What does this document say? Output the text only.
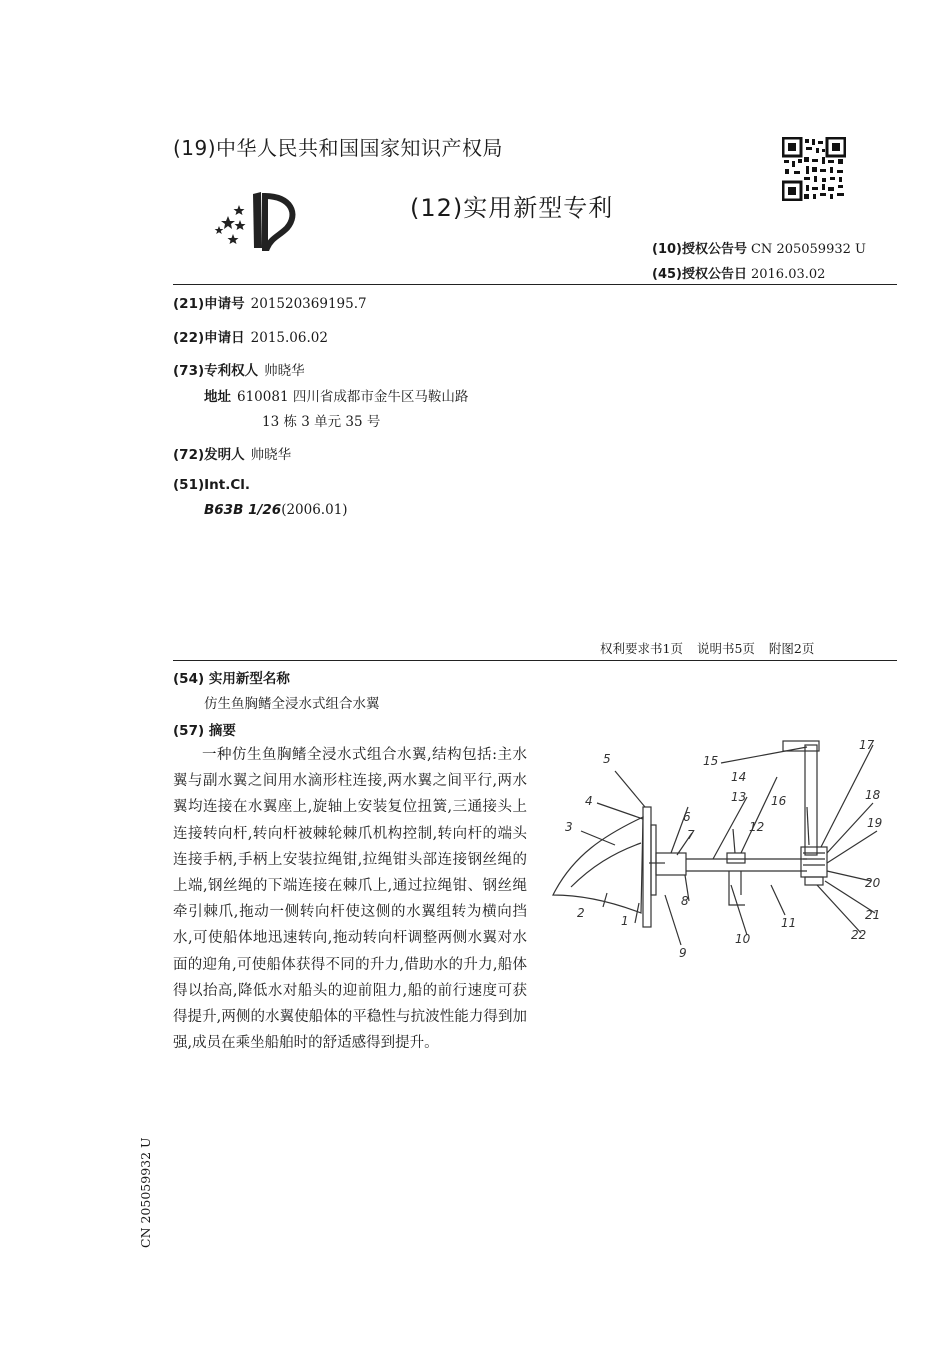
(19)中华人民共和国国家知识产权局
(12)实用新型专利
(10)授权公告号 CN 205059932 U
(45)授权公告日 2016.03.02
(21)申请号 201520369195.7
(22)申请日 2015.06.02
(73)专利权人 帅晓华
地址 610081 四川省成都市金牛区马鞍山路
13 栋 3 单元 35 号
(72)发明人 帅晓华
(51)Int.Cl.
B63B 1/26(2006.01)
权利要求书1页 说明书5页 附图2页
(54) 实用新型名称
仿生鱼胸鳍全浸水式组合水翼
(57) 摘要
一种仿生鱼胸鳍全浸水式组合水翼,结构包括:主水翼与副水翼之间用水滴形柱连接,两水翼之间平行,两水翼均连接在水翼座上,旋轴上安装复位扭簧,三通接头上连接转向杆,转向杆被棘轮棘爪机构控制,转向杆的端头连接手柄,手柄上安装拉绳钳,拉绳钳头部连接钢丝绳的上端,钢丝绳的下端连接在棘爪上,通过拉绳钳、钢丝绳牵引棘爪,拖动一侧转向杆使这侧的水翼组转为横向挡水,可使船体地迅速转向,拖动转向杆调整两侧水翼对水面的迎角,可使船体获得不同的升力,借助水的升力,船体得以抬高,降低水对船头的迎前阻力,船的前行速度可获得提升,两侧的水翼使船体的平稳性与抗波性能力得到加强,成员在乘坐船舶时的舒适感得到提升。
1
2
3
4
5
6
7
8
9
10
11
12
13
14
15
16
17
18
19
20
21
22
CN 205059932 U
